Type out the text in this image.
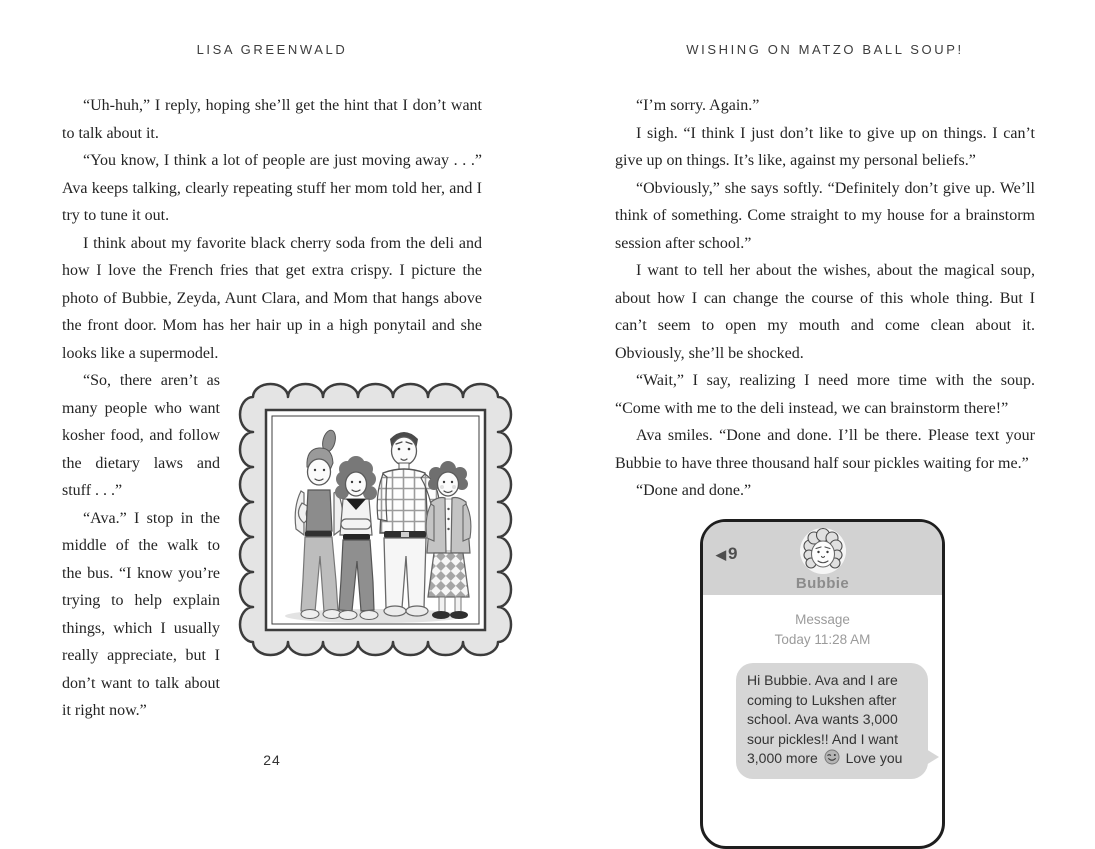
LISA GREENWALD

“Uh-huh,” I reply, hoping she’ll get the hint that I don’t want to talk about it.

“You know, I think a lot of people are just moving away . . .” Ava keeps talking, clearly repeating stuff her mom told her, and I try to tune it out.

I think about my favorite black cherry soda from the deli and how I love the French fries that get extra crispy. I picture the photo of Bubbie, Zeyda, Aunt Clara, and Mom that hangs above the front door. Mom has her hair up in a high ponytail and she looks like a supermodel.

“So, there aren’t as many people who want kosher food, and follow the dietary laws and stuff . . .”

“Ava.” I stop in the middle of the walk to the bus. “I know you’re trying to help explain things, which I usually really appreciate, but I don’t want to talk about it right now.”

24
WISHING ON MATZO BALL SOUP!

“I’m sorry. Again.”

I sigh. “I think I just don’t like to give up on things. I can’t give up on things. It’s like, against my personal beliefs.”

“Obviously,” she says softly. “Definitely don’t give up. We’ll think of something. Come straight to my house for a brainstorm session after school.”

I want to tell her about the wishes, about the magical soup, about how I can change the course of this whole thing. But I can’t seem to open my mouth and come clean about it. Obviously, she’ll be shocked.

“Wait,” I say, realizing I need more time with the soup. “Come with me to the deli instead, we can brainstorm there!”

Ava smiles. “Done and done. I’ll be there. Please text your Bubbie to have three thousand half sour pickles waiting for me.”

“Done and done.”

◀ 9
Bubbie
Message
Today 11:28 AM
Hi Bubbie. Ava and I are coming to Lukshen after school. Ava wants 3,000 sour pickles!! And I want 3,000 more Love you
